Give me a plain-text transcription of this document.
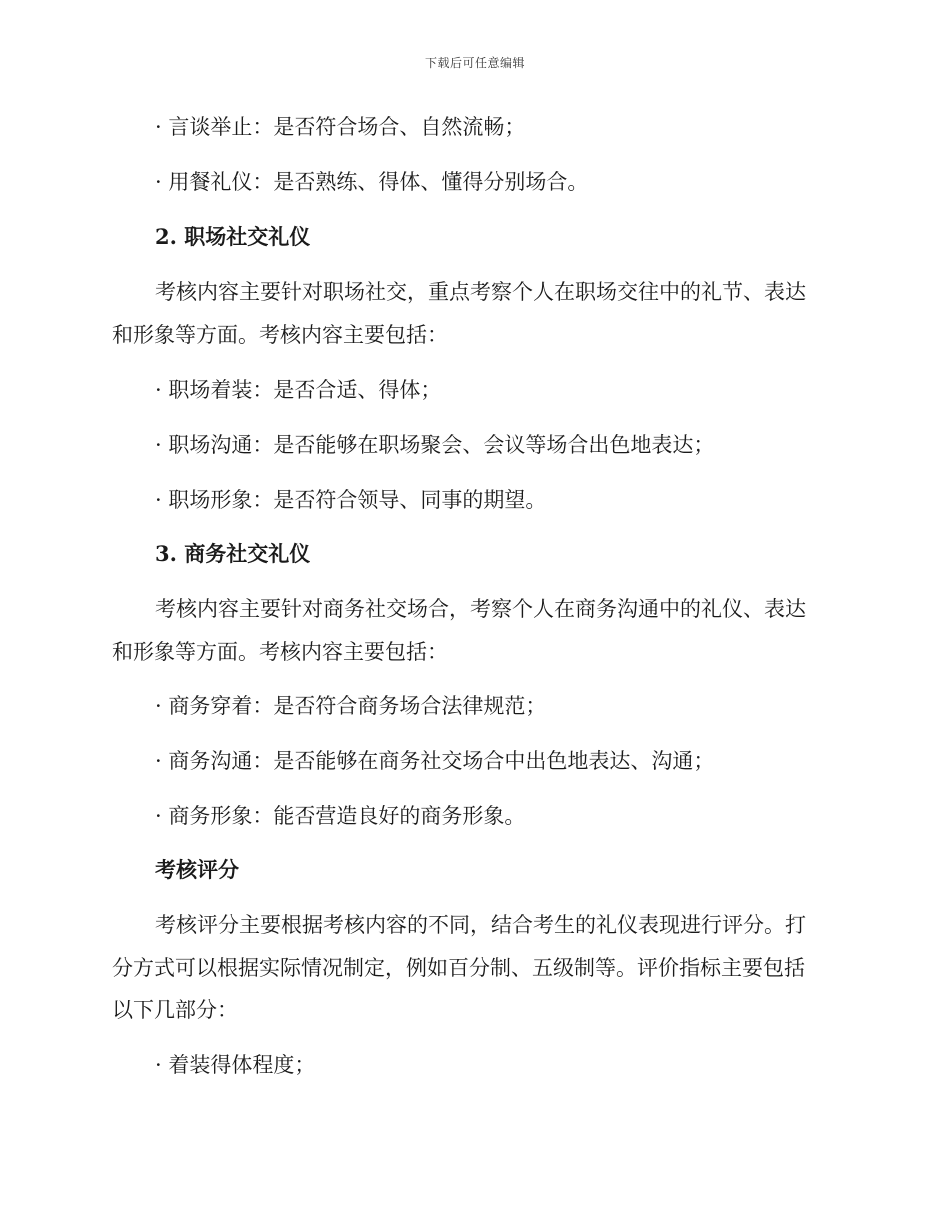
下载后可任意编辑
· 言谈举止：是否符合场合、自然流畅；
· 用餐礼仪：是否熟练、得体、懂得分别场合。
2. 职场社交礼仪
考核内容主要针对职场社交，重点考察个人在职场交往中的礼节、表达
和形象等方面。考核内容主要包括：
· 职场着装：是否合适、得体；
· 职场沟通：是否能够在职场聚会、会议等场合出色地表达；
· 职场形象：是否符合领导、同事的期望。
3. 商务社交礼仪
考核内容主要针对商务社交场合，考察个人在商务沟通中的礼仪、表达
和形象等方面。考核内容主要包括：
· 商务穿着：是否符合商务场合法律规范；
· 商务沟通：是否能够在商务社交场合中出色地表达、沟通；
· 商务形象：能否营造良好的商务形象。
考核评分
考核评分主要根据考核内容的不同，结合考生的礼仪表现进行评分。打
分方式可以根据实际情况制定，例如百分制、五级制等。评价指标主要包括
以下几部分：
· 着装得体程度；
